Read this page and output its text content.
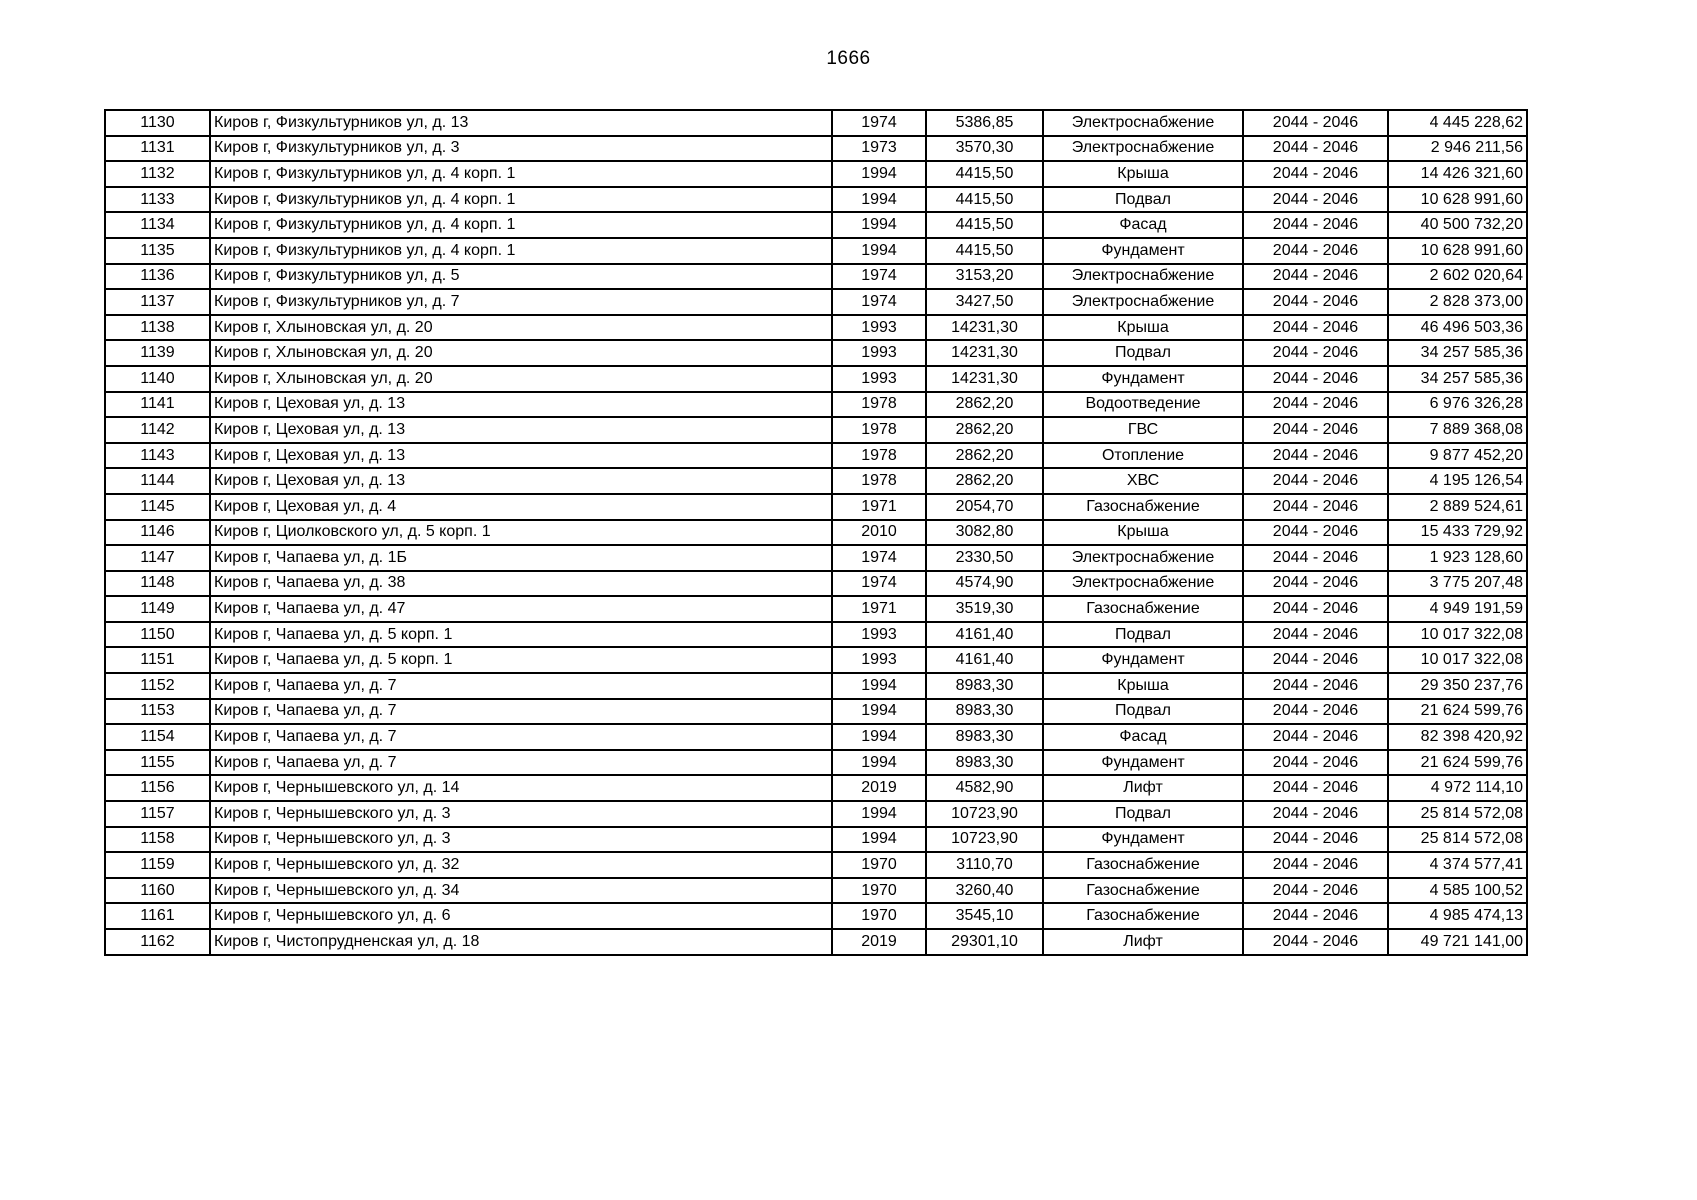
1666
1130	Киров г, Физкультурников ул, д. 13	1974	5386,85	Электроснабжение	2044 - 2046	4 445 228,62
1131	Киров г, Физкультурников ул, д. 3	1973	3570,30	Электроснабжение	2044 - 2046	2 946 211,56
1132	Киров г, Физкультурников ул, д. 4 корп. 1	1994	4415,50	Крыша	2044 - 2046	14 426 321,60
1133	Киров г, Физкультурников ул, д. 4 корп. 1	1994	4415,50	Подвал	2044 - 2046	10 628 991,60
1134	Киров г, Физкультурников ул, д. 4 корп. 1	1994	4415,50	Фасад	2044 - 2046	40 500 732,20
1135	Киров г, Физкультурников ул, д. 4 корп. 1	1994	4415,50	Фундамент	2044 - 2046	10 628 991,60
1136	Киров г, Физкультурников ул, д. 5	1974	3153,20	Электроснабжение	2044 - 2046	2 602 020,64
1137	Киров г, Физкультурников ул, д. 7	1974	3427,50	Электроснабжение	2044 - 2046	2 828 373,00
1138	Киров г, Хлыновская ул, д. 20	1993	14231,30	Крыша	2044 - 2046	46 496 503,36
1139	Киров г, Хлыновская ул, д. 20	1993	14231,30	Подвал	2044 - 2046	34 257 585,36
1140	Киров г, Хлыновская ул, д. 20	1993	14231,30	Фундамент	2044 - 2046	34 257 585,36
1141	Киров г, Цеховая ул, д. 13	1978	2862,20	Водоотведение	2044 - 2046	6 976 326,28
1142	Киров г, Цеховая ул, д. 13	1978	2862,20	ГВС	2044 - 2046	7 889 368,08
1143	Киров г, Цеховая ул, д. 13	1978	2862,20	Отопление	2044 - 2046	9 877 452,20
1144	Киров г, Цеховая ул, д. 13	1978	2862,20	ХВС	2044 - 2046	4 195 126,54
1145	Киров г, Цеховая ул, д. 4	1971	2054,70	Газоснабжение	2044 - 2046	2 889 524,61
1146	Киров г, Циолковского ул, д. 5 корп. 1	2010	3082,80	Крыша	2044 - 2046	15 433 729,92
1147	Киров г, Чапаева ул, д. 1Б	1974	2330,50	Электроснабжение	2044 - 2046	1 923 128,60
1148	Киров г, Чапаева ул, д. 38	1974	4574,90	Электроснабжение	2044 - 2046	3 775 207,48
1149	Киров г, Чапаева ул, д. 47	1971	3519,30	Газоснабжение	2044 - 2046	4 949 191,59
1150	Киров г, Чапаева ул, д. 5 корп. 1	1993	4161,40	Подвал	2044 - 2046	10 017 322,08
1151	Киров г, Чапаева ул, д. 5 корп. 1	1993	4161,40	Фундамент	2044 - 2046	10 017 322,08
1152	Киров г, Чапаева ул, д. 7	1994	8983,30	Крыша	2044 - 2046	29 350 237,76
1153	Киров г, Чапаева ул, д. 7	1994	8983,30	Подвал	2044 - 2046	21 624 599,76
1154	Киров г, Чапаева ул, д. 7	1994	8983,30	Фасад	2044 - 2046	82 398 420,92
1155	Киров г, Чапаева ул, д. 7	1994	8983,30	Фундамент	2044 - 2046	21 624 599,76
1156	Киров г, Чернышевского ул, д. 14	2019	4582,90	Лифт	2044 - 2046	4 972 114,10
1157	Киров г, Чернышевского ул, д. 3	1994	10723,90	Подвал	2044 - 2046	25 814 572,08
1158	Киров г, Чернышевского ул, д. 3	1994	10723,90	Фундамент	2044 - 2046	25 814 572,08
1159	Киров г, Чернышевского ул, д. 32	1970	3110,70	Газоснабжение	2044 - 2046	4 374 577,41
1160	Киров г, Чернышевского ул, д. 34	1970	3260,40	Газоснабжение	2044 - 2046	4 585 100,52
1161	Киров г, Чернышевского ул, д. 6	1970	3545,10	Газоснабжение	2044 - 2046	4 985 474,13
1162	Киров г, Чистопрудненская ул, д. 18	2019	29301,10	Лифт	2044 - 2046	49 721 141,00
